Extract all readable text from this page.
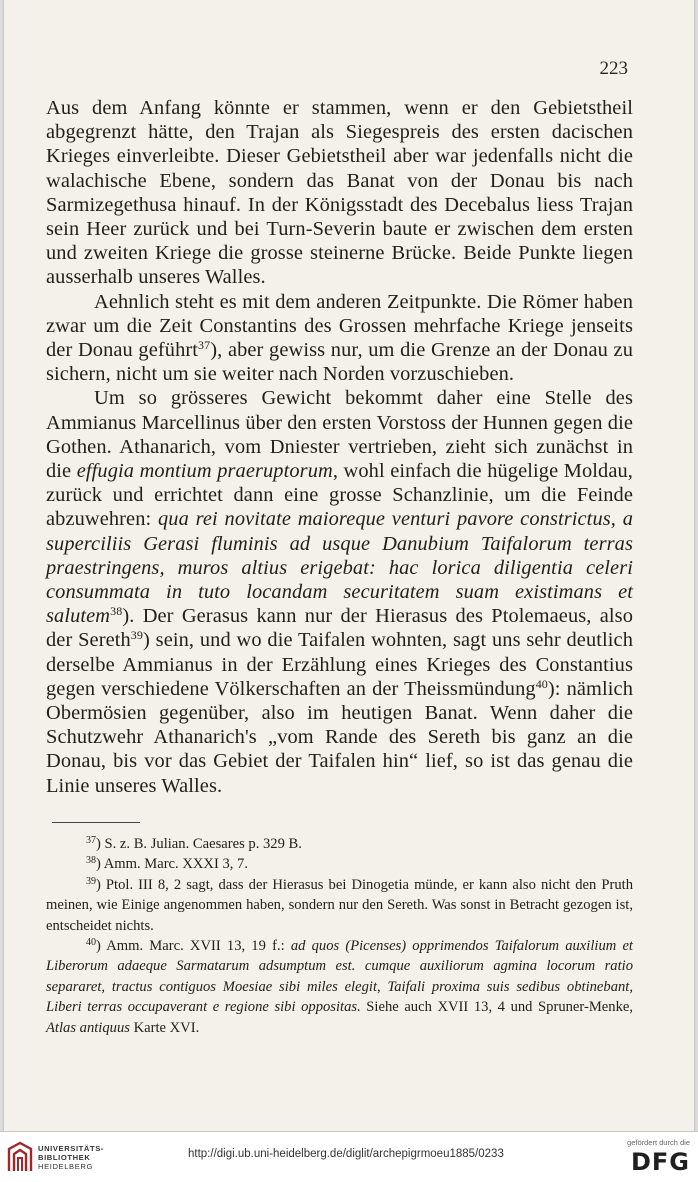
223

Aus dem Anfang könnte er stammen, wenn er den Gebietstheil abgegrenzt hätte, den Trajan als Siegespreis des ersten dacischen Krieges einverleibte. Dieser Gebietstheil aber war jedenfalls nicht die walachische Ebene, sondern das Banat von der Donau bis nach Sarmizegethusa hinauf. In der Königsstadt des Decebalus liess Trajan sein Heer zurück und bei Turn-Severin baute er zwischen dem ersten und zweiten Kriege die grosse steinerne Brücke. Beide Punkte liegen ausserhalb unseres Walles.

Aehnlich steht es mit dem anderen Zeitpunkte. Die Römer haben zwar um die Zeit Constantins des Grossen mehrfache Kriege jenseits der Donau geführt$^{37}$), aber gewiss nur, um die Grenze an der Donau zu sichern, nicht um sie weiter nach Norden vorzuschieben.

Um so grösseres Gewicht bekommt daher eine Stelle des Ammianus Marcellinus über den ersten Vorstoss der Hunnen gegen die Gothen. Athanarich, vom Dniester vertrieben, zieht sich zunächst in die effugia montium praeruptorum, wohl einfach die hügelige Moldau, zurück und errichtet dann eine grosse Schanzlinie, um die Feinde abzuwehren: qua rei novitate maioreque venturi pavore constrictus, a superciliis Gerasi fluminis ad usque Danubium Taifalorum terras praestringens, muros altius erigebat: hac lorica diligentia celeri consummata in tuto locandam securitatem suam existimans et salutem$^{38}$). Der Gerasus kann nur der Hierasus des Ptolemaeus, also der Sereth$^{39}$) sein, und wo die Taifalen wohnten, sagt uns sehr deutlich derselbe Ammianus in der Erzählung eines Krieges des Constantius gegen verschiedene Völkerschaften an der Theissmündung$^{40}$): nämlich Obermösien gegenüber, also im heutigen Banat. Wenn daher die Schutzwehr Athanarich's „vom Rande des Sereth bis ganz an die Donau, bis vor das Gebiet der Taifalen hin“ lief, so ist das genau die Linie unseres Walles.

$^{37}$) S. z. B. Julian. Caesares p. 329 B.

$^{38}$) Amm. Marc. XXXI 3, 7.

$^{39}$) Ptol. III 8, 2 sagt, dass der Hierasus bei Dinogetia münde, er kann also nicht den Pruth meinen, wie Einige angenommen haben, sondern nur den Sereth. Was sonst in Betracht gezogen ist, entscheidet nichts.

$^{40}$) Amm. Marc. XVII 13, 19 f.: ad quos (Picenses) opprimendos Taifalorum auxilium et Liberorum adaeque Sarmatarum adsumptum est. cumque auxiliorum agmina locorum ratio separaret, tractus contiguos Moesiae sibi miles elegit, Taifali proxima suis sedibus obtinebant, Liberi terras occupaverant e regione sibi oppositas. Siehe auch XVII 13, 4 und Spruner-Menke, Atlas antiquus Karte XVI.

UNIVERSITÄTS-
BIBLIOTHEK
HEIDELBERG
http://digi.ub.uni-heidelberg.de/diglit/archepigrmoeu1885/0233
gefördert durch die
DFG
